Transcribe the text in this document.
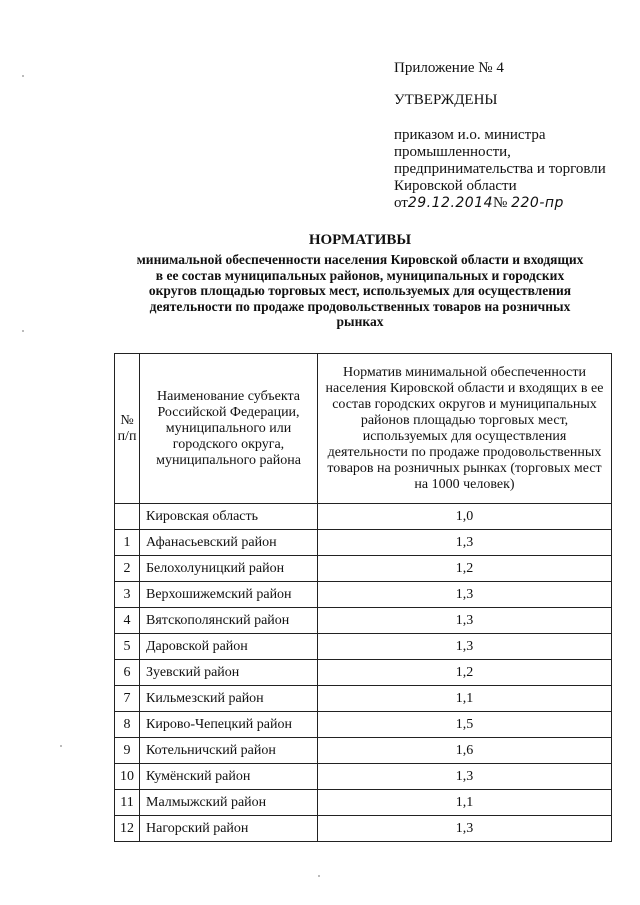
Приложение № 4
УТВЕРЖДЕНЫ
приказом и.о. министра
промышленности,
предпринимательства и торговли
Кировской области
от29.12.2014№ 220-пр
НОРМАТИВЫ
минимальной обеспеченности населения Кировской области и входящих
в ее состав муниципальных районов, муниципальных и городских
округов площадью торговых мест, используемых для осуществления
деятельности по продаже продовольственных товаров на розничных
рынках
№
п/п	Наименование субъекта Российской Федерации, муниципального или городского округа, муниципального района	Норматив минимальной обеспеченности населения Кировской области и входящих в ее состав городских округов и муниципальных районов площадью торговых мест, используемых для осуществления деятельности по продаже продовольственных товаров на розничных рынках (торговых мест на 1000 человек)
	Кировская область	1,0
1	Афанасьевский район	1,3
2	Белохолуницкий район	1,2
3	Верхошижемский район	1,3
4	Вятскополянский район	1,3
5	Даровской район	1,3
6	Зуевский район	1,2
7	Кильмезский район	1,1
8	Кирово-Чепецкий район	1,5
9	Котельничский район	1,6
10	Кумёнский район	1,3
11	Малмыжский район	1,1
12	Нагорский район	1,3
